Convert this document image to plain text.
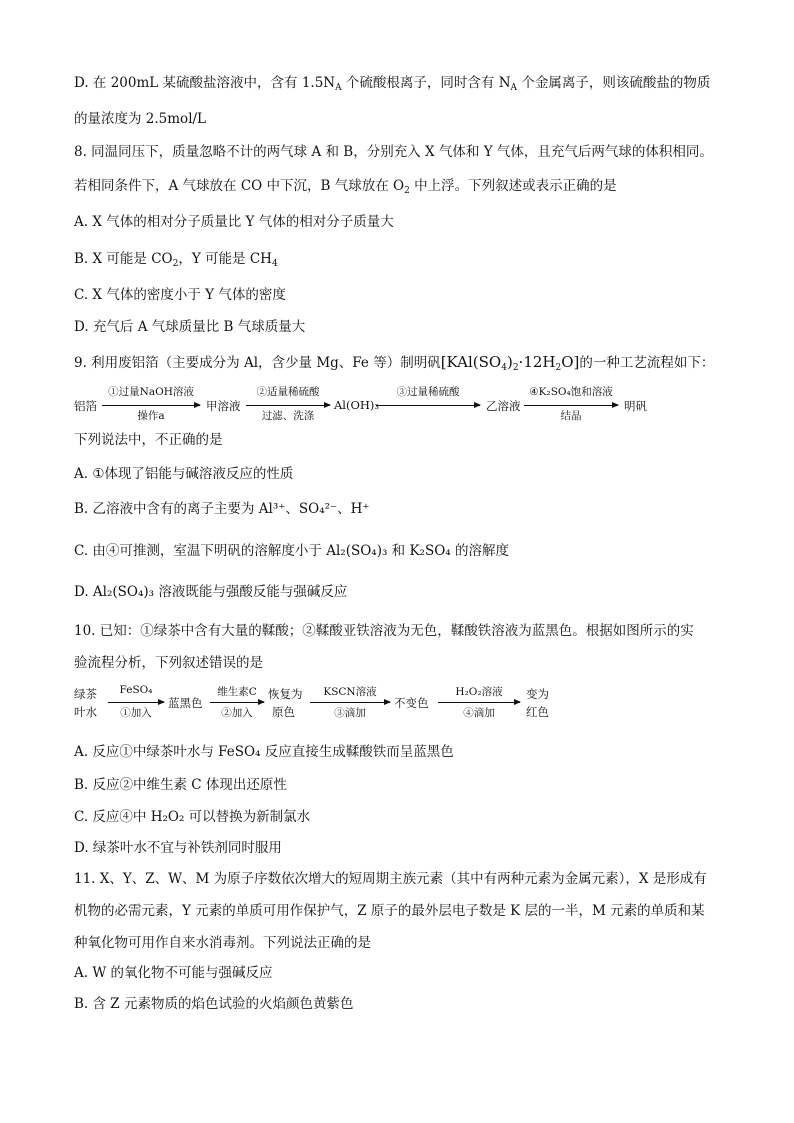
D. 在 200mL 某硫酸盐溶液中，含有 $1.5N_A$ 个硫酸根离子，同时含有 $N_A$ 个金属离子，则该硫酸盐的物质
的量浓度为 2.5mol/L
8. 同温同压下，质量忽略不计的两气球 A 和 B，分别充入 X 气体和 Y 气体，且充气后两气球的体积相同。
若相同条件下，A 气球放在 CO 中下沉，B 气球放在 $O_2$ 中上浮。下列叙述或表示正确的是
A. X 气体的相对分子质量比 Y 气体的相对分子质量大
B. X 可能是 $CO_2$，Y 可能是 $CH_4$
C. X 气体的密度小于 Y 气体的密度
D. 充气后 A 气球质量比 B 气球质量大
9. 利用废铝箔（主要成分为 Al，含少量 Mg、Fe 等）制明矾$[KAl(SO_4)_2\cdot 12H_2O]$的一种工艺流程如下：
铝箔
①过量NaOH溶液
操作a
甲溶液
②适量稀硫酸
过滤、洗涤
Al(OH)₃
③过量稀硫酸
乙溶液
④K₂SO₄饱和溶液
结晶
明矾
下列说法中，不正确的是
A. ①体现了铝能与碱溶液反应的性质
B. 乙溶液中含有的离子主要为 Al³⁺、SO₄²⁻、H⁺
C. 由④可推测，室温下明矾的溶解度小于 Al₂(SO₄)₃ 和 K₂SO₄ 的溶解度
D. Al₂(SO₄)₃ 溶液既能与强酸反能与强碱反应
10. 已知：①绿茶中含有大量的鞣酸；②鞣酸亚铁溶液为无色，鞣酸铁溶液为蓝黑色。根据如图所示的实
验流程分析，下列叙述错误的是
绿茶
叶水
FeSO₄
①加入
蓝黑色
维生素C
②加入
恢复为
原色
KSCN溶液
③滴加
不变色
H₂O₂溶液
④滴加
变为
红色
A. 反应①中绿茶叶水与 FeSO₄ 反应直接生成鞣酸铁而呈蓝黑色
B. 反应②中维生素 C 体现出还原性
C. 反应④中 H₂O₂ 可以替换为新制氯水
D. 绿茶叶水不宜与补铁剂同时服用
11. X、Y、Z、W、M 为原子序数依次增大的短周期主族元素（其中有两种元素为金属元素），X 是形成有
机物的必需元素，Y 元素的单质可用作保护气，Z 原子的最外层电子数是 K 层的一半，M 元素的单质和某
种氧化物可用作自来水消毒剂。下列说法正确的是
A. W 的氧化物不可能与强碱反应
B. 含 Z 元素物质的焰色试验的火焰颜色黄紫色
